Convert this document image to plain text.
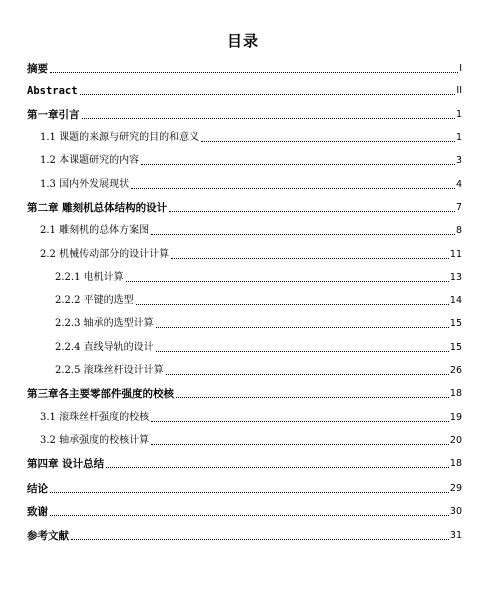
目录
摘要	I
Abstract	II
第一章引言	1
1.1 课题的来源与研究的目的和意义	1
1.2 本课题研究的内容	3
1.3 国内外发展现状	4
第二章 雕刻机总体结构的设计	7
2.1 雕刻机的总体方案图	8
2.2 机械传动部分的设计计算	11
2.2.1 电机计算	13
2.2.2 平键的选型	14
2.2.3 轴承的选型计算	15
2.2.4 直线导轨的设计	15
2.2.5 滚珠丝杆设计计算	26
第三章各主要零部件强度的校核	18
3.1 滚珠丝杆强度的校核	19
3.2 轴承强度的校核计算	20
第四章 设计总结	18
结论	29
致谢	30
参考文献	31
